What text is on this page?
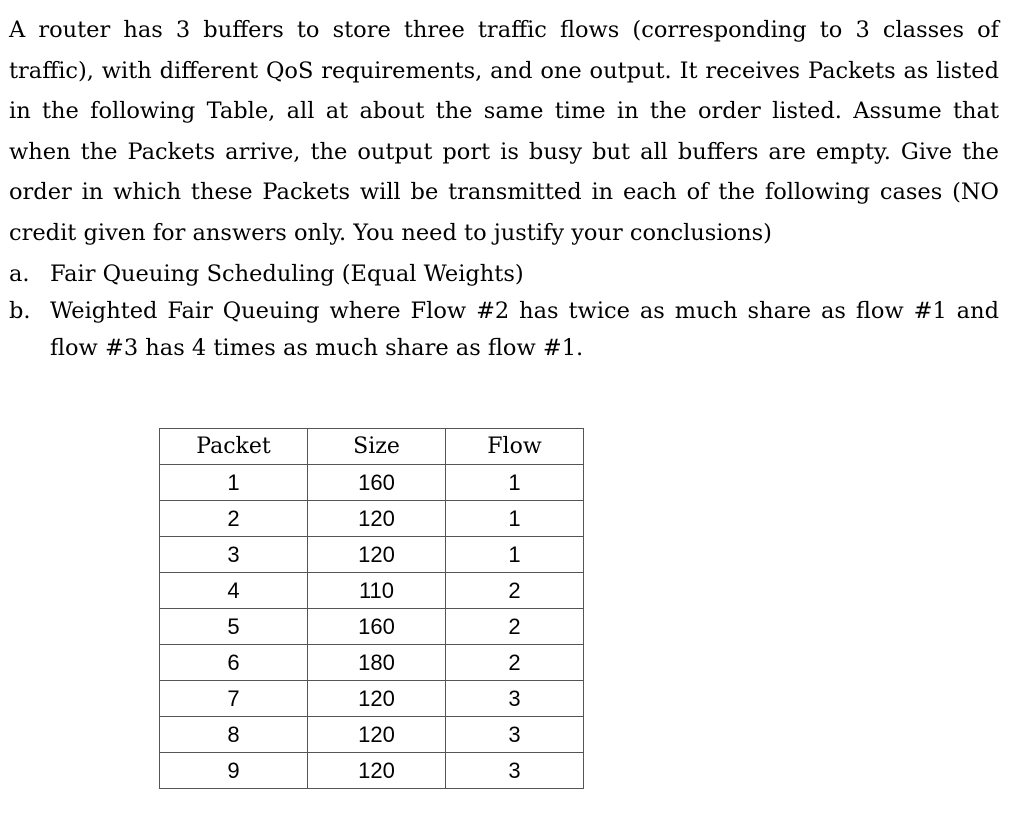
A router has 3 buffers to store three traffic flows (corresponding to 3 classes of traffic), with different QoS requirements, and one output. It receives Packets as listed in the following Table, all at about the same time in the order listed. Assume that when the Packets arrive, the output port is busy but all buffers are empty. Give the order in which these Packets will be transmitted in each of the following cases (NO credit given for answers only. You need to justify your conclusions)

a. Fair Queuing Scheduling (Equal Weights)
b. Weighted Fair Queuing where Flow #2 has twice as much share as flow #1 and flow #3 has 4 times as much share as flow #1.
Packet	Size	Flow
1	160	1
2	120	1
3	120	1
4	110	2
5	160	2
6	180	2
7	120	3
8	120	3
9	120	3
